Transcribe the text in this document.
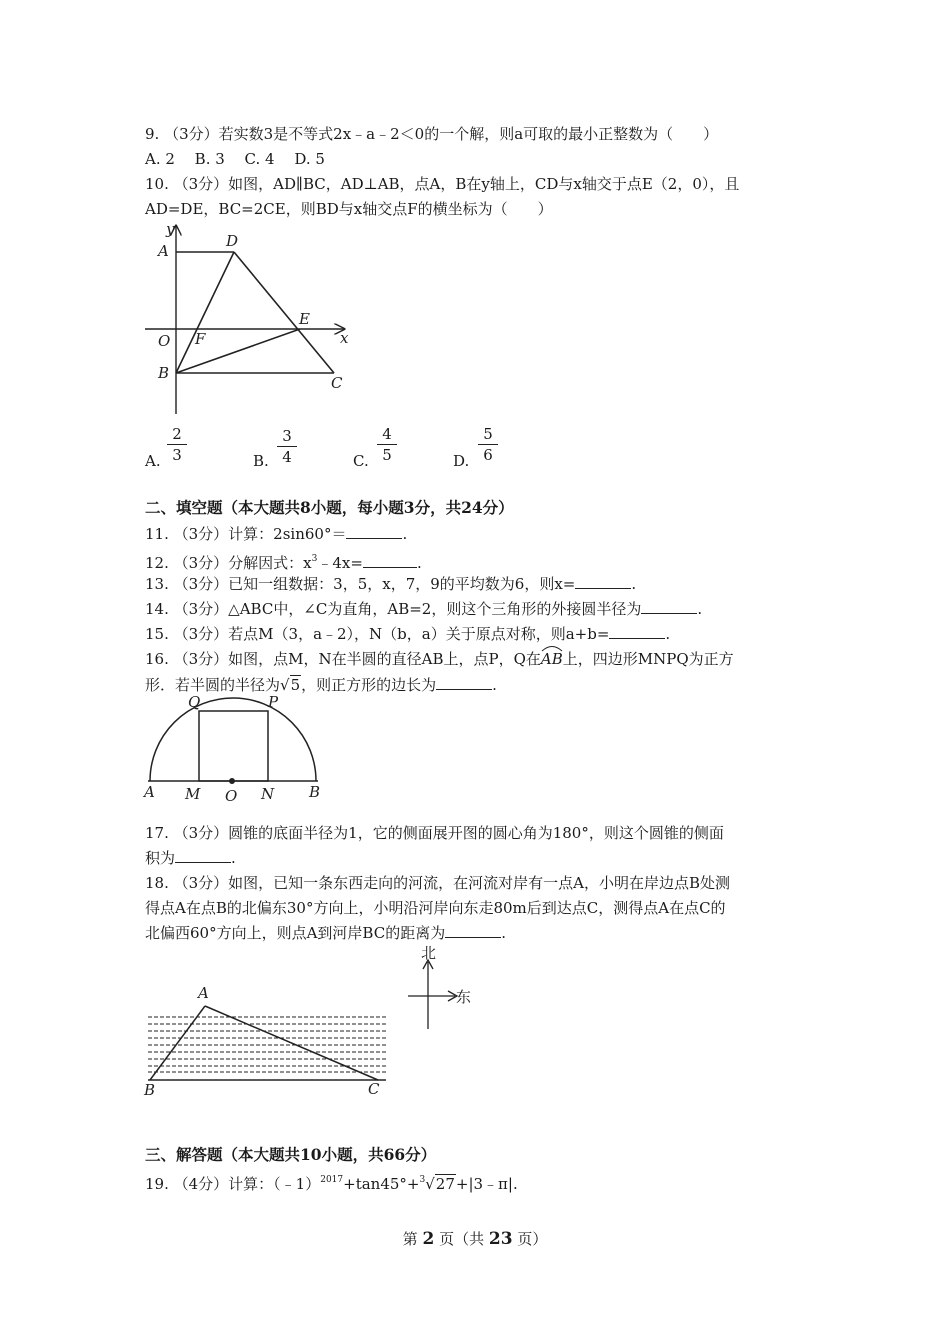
9. （3分）若实数3是不等式2x﹣a﹣2＜0的一个解，则a可取的最小正整数为（　　）
A. 2　 B. 3　 C. 4　 D. 5
10. （3分）如图，AD∥BC，AD⊥AB，点A，B在y轴上，CD与x轴交于点E（2，0），且
AD=DE，BC=2CE，则BD与x轴交点F的横坐标为（　　）
y
A
D
O F
E
x
B
C
A. $\frac{2}{3}$	B. $\frac{3}{4}$	C. $\frac{4}{5}$	D. $\frac{5}{6}$
二、填空题（本大题共8小题，每小题3分，共24分）
11. （3分）计算：2sin60°＝	.
12. （3分）分解因式：$x^3﹣4x=$	.
13. （3分）已知一组数据：3，5，x，7，9的平均数为6，则x=	.
14. （3分）△ABC中，∠C为直角，AB=2，则这个三角形的外接圆半径为	.
15. （3分）若点M（3，a﹣2），N（b，a）关于原点对称，则a+b=	.
16. （3分）如图，点M，N在半圆的直径AB上，点P，Q在
AB上，四边形MNPQ为正方
形．若半圆的半径为√5，则正方形的边长为	.
Q	P
A M O N B
17. （3分）圆锥的底面半径为1，它的侧面展开图的圆心角为180°，则这个圆锥的侧面
积为	.
18. （3分）如图，已知一条东西走向的河流，在河流对岸有一点A，小明在岸边点B处测
得点A在点B的北偏东30°方向上，小明沿河岸向东走80m后到达点C，测得点A在点C的
北偏西60°方向上，则点A到河岸BC的距离为	.
A
B	C
北
东
三、解答题（本大题共10小题，共66分）
19. （4分）计算：（﹣1）$^{2017}$+tan45°+$^3$√27+|3﹣π|.
第 2 页（共 23 页）
